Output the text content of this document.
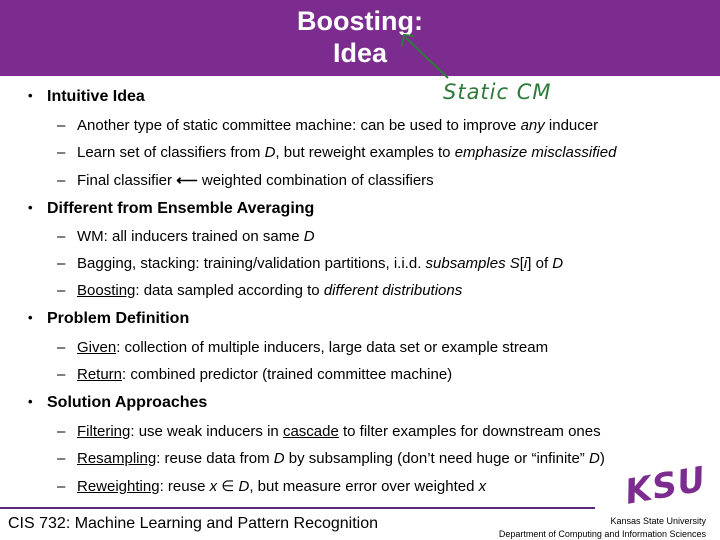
Boosting:
Idea
Static CM
• Intuitive Idea
– Another type of static committee machine: can be used to improve any inducer
– Learn set of classifiers from D, but reweight examples to emphasize misclassified
– Final classifier ⟵ weighted combination of classifiers
• Different from Ensemble Averaging
– WM: all inducers trained on same D
– Bagging, stacking: training/validation partitions, i.i.d. subsamples S[i] of D
– Boosting: data sampled according to different distributions
• Problem Definition
– Given: collection of multiple inducers, large data set or example stream
– Return: combined predictor (trained committee machine)
• Solution Approaches
– Filtering: use weak inducers in cascade to filter examples for downstream ones
– Resampling: reuse data from D by subsampling (don’t need huge or “infinite” D)
– Reweighting: reuse x ∈ D, but measure error over weighted x
CIS 732: Machine Learning and Pattern Recognition
KSU
Kansas State University
Department of Computing and Information Sciences
